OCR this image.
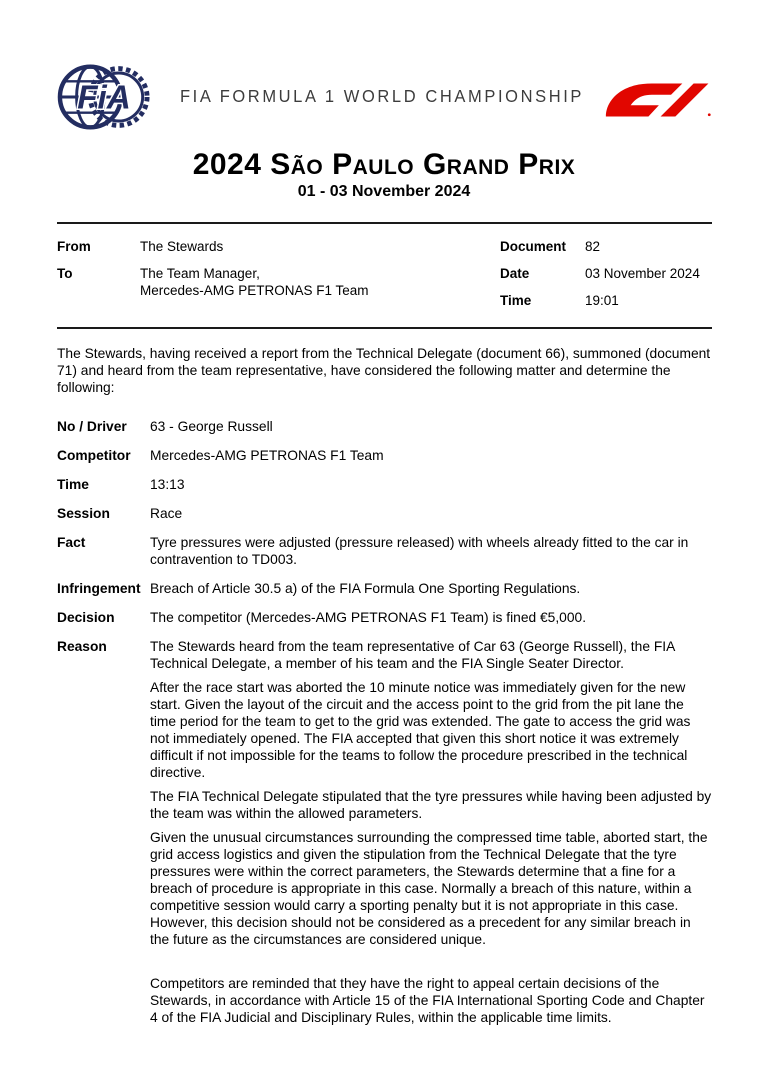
FiA	FIA FORMULA 1 WORLD CHAMPIONSHIP
2024 São Paulo Grand Prix
01 - 03 November 2024
From	The Stewards
To	The Team Manager,
Mercedes-AMG PETRONAS F1 Team
Document	82
Date	03 November 2024
Time	19:01

The Stewards, having received a report from the Technical Delegate (document 66), summoned (document 71) and heard from the team representative, have considered the following matter and determine the following:

No / Driver	63 - George Russell
Competitor	Mercedes-AMG PETRONAS F1 Team
Time	13:13
Session	Race
Fact	Tyre pressures were adjusted (pressure released) with wheels already fitted to the car in contravention to TD003.
Infringement Breach of Article 30.5 a) of the FIA Formula One Sporting Regulations.
Decision	The competitor (Mercedes-AMG PETRONAS F1 Team) is fined €5,000.
Reason	The Stewards heard from the team representative of Car 63 (George Russell), the FIA Technical Delegate, a member of his team and the FIA Single Seater Director.

After the race start was aborted the 10 minute notice was immediately given for the new start. Given the layout of the circuit and the access point to the grid from the pit lane the time period for the team to get to the grid was extended. The gate to access the grid was not immediately opened. The FIA accepted that given this short notice it was extremely difficult if not impossible for the teams to follow the procedure prescribed in the technical directive.

The FIA Technical Delegate stipulated that the tyre pressures while having been adjusted by the team was within the allowed parameters.

Given the unusual circumstances surrounding the compressed time table, aborted start, the grid access logistics and given the stipulation from the Technical Delegate that the tyre pressures were within the correct parameters, the Stewards determine that a fine for a breach of procedure is appropriate in this case. Normally a breach of this nature, within a competitive session would carry a sporting penalty but it is not appropriate in this case. However, this decision should not be considered as a precedent for any similar breach in the future as the circumstances are considered unique.

Competitors are reminded that they have the right to appeal certain decisions of the Stewards, in accordance with Article 15 of the FIA International Sporting Code and Chapter 4 of the FIA Judicial and Disciplinary Rules, within the applicable time limits.
